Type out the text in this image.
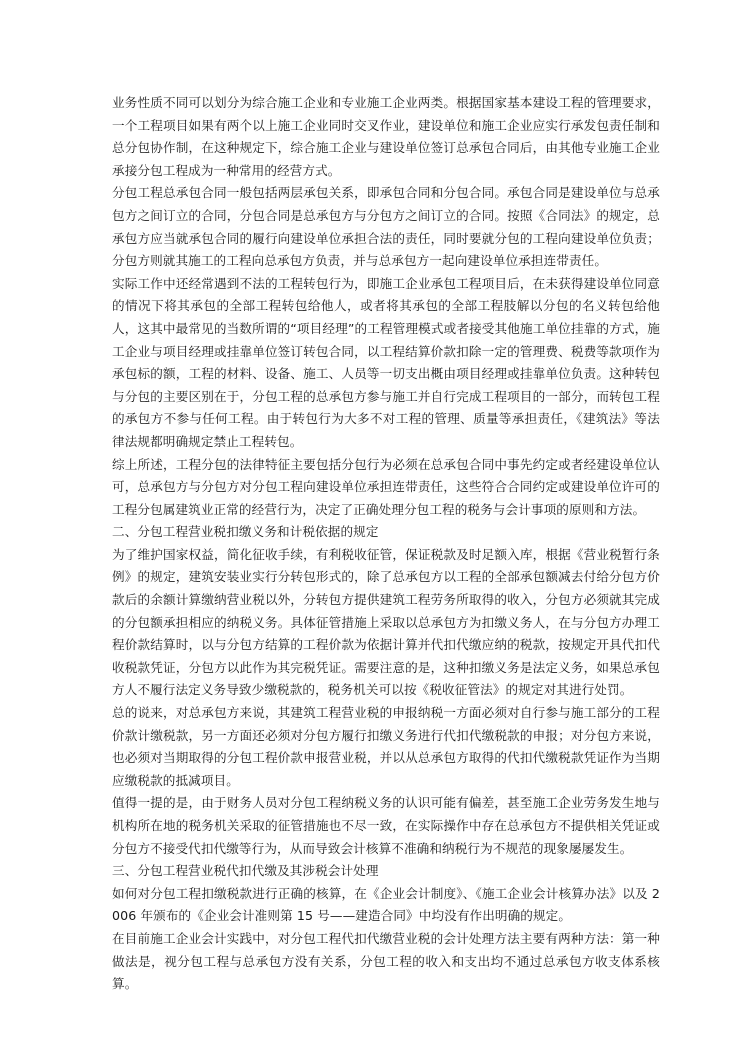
业务性质不同可以划分为综合施工企业和专业施工企业两类。根据国家基本建设工程的管理要求，一个工程项目如果有两个以上施工企业同时交叉作业，建设单位和施工企业应实行承发包责任制和总分包协作制，在这种规定下，综合施工企业与建设单位签订总承包合同后，由其他专业施工企业承接分包工程成为一种常用的经营方式。

分包工程总承包合同一般包括两层承包关系，即承包合同和分包合同。承包合同是建设单位与总承包方之间订立的合同，分包合同是总承包方与分包方之间订立的合同。按照《合同法》的规定，总承包方应当就承包合同的履行向建设单位承担合法的责任，同时要就分包的工程向建设单位负责；分包方则就其施工的工程向总承包方负责，并与总承包方一起向建设单位承担连带责任。

实际工作中还经常遇到不法的工程转包行为，即施工企业承包工程项目后，在未获得建设单位同意的情况下将其承包的全部工程转包给他人，或者将其承包的全部工程肢解以分包的名义转包给他人，这其中最常见的当数所谓的“项目经理”的工程管理模式或者接受其他施工单位挂靠的方式，施工企业与项目经理或挂靠单位签订转包合同，以工程结算价款扣除一定的管理费、税费等款项作为承包标的额，工程的材料、设备、施工、人员等一切支出概由项目经理或挂靠单位负责。这种转包与分包的主要区别在于，分包工程的总承包方参与施工并自行完成工程项目的一部分，而转包工程的承包方不参与任何工程。由于转包行为大多不对工程的管理、质量等承担责任，《建筑法》等法律法规都明确规定禁止工程转包。

综上所述，工程分包的法律特征主要包括分包行为必须在总承包合同中事先约定或者经建设单位认可，总承包方与分包方对分包工程向建设单位承担连带责任，这些符合合同约定或建设单位许可的工程分包属建筑业正常的经营行为，决定了正确处理分包工程的税务与会计事项的原则和方法。

二、分包工程营业税扣缴义务和计税依据的规定

为了维护国家权益，简化征收手续，有利税收征管，保证税款及时足额入库，根据《营业税暂行条例》的规定，建筑安装业实行分转包形式的，除了总承包方以工程的全部承包额减去付给分包方价款后的余额计算缴纳营业税以外，分转包方提供建筑工程劳务所取得的收入，分包方必须就其完成的分包额承担相应的纳税义务。具体征管措施上采取以总承包方为扣缴义务人，在与分包方办理工程价款结算时，以与分包方结算的工程价款为依据计算并代扣代缴应纳的税款，按规定开具代扣代收税款凭证，分包方以此作为其完税凭证。需要注意的是，这种扣缴义务是法定义务，如果总承包方人不履行法定义务导致少缴税款的，税务机关可以按《税收征管法》的规定对其进行处罚。

总的说来，对总承包方来说，其建筑工程营业税的申报纳税一方面必须对自行参与施工部分的工程价款计缴税款，另一方面还必须对分包方履行扣缴义务进行代扣代缴税款的申报；对分包方来说，也必须对当期取得的分包工程价款申报营业税，并以从总承包方取得的代扣代缴税款凭证作为当期应缴税款的抵减项目。

值得一提的是，由于财务人员对分包工程纳税义务的认识可能有偏差，甚至施工企业劳务发生地与机构所在地的税务机关采取的征管措施也不尽一致，在实际操作中存在总承包方不提供相关凭证或分包方不接受代扣代缴等行为，从而导致会计核算不准确和纳税行为不规范的现象屡屡发生。

三、分包工程营业税代扣代缴及其涉税会计处理

如何对分包工程扣缴税款进行正确的核算，在《企业会计制度》、《施工企业会计核算办法》以及 2006 年颁布的《企业会计准则第 15 号——建造合同》中均没有作出明确的规定。

在目前施工企业会计实践中，对分包工程代扣代缴营业税的会计处理方法主要有两种方法：第一种做法是，视分包工程与总承包方没有关系，分包工程的收入和支出均不通过总承包方收支体系核算。
